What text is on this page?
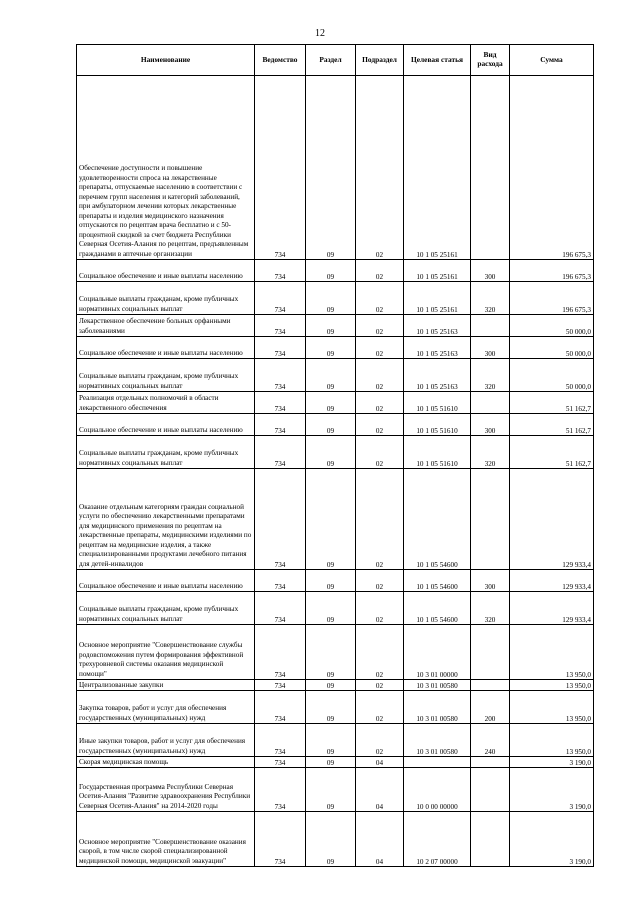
12
Наименование	Ведомство	Раздел	Подраздел	Целевая статья	Вид расхода	Сумма
Обеспечение доступности и повышение удовлетворенности спроса на лекарственные препараты, отпускаемые населению в соответствии с перечнем групп населения и категорий заболеваний, при амбулаторном лечении которых лекарственные препараты и изделия медицинского назначения отпускаются по рецептам врача бесплатно и с 50-процентной скидкой за счет бюджета Республики Северная Осетия-Алания по рецептам, предъявленным гражданами в аптечные организации	734	09	02	10 1 05 25161		196 675,3
Социальное обеспечение и иные выплаты населению	734	09	02	10 1 05 25161	300	196 675,3
Социальные выплаты гражданам, кроме публичных нормативных социальных выплат	734	09	02	10 1 05 25161	320	196 675,3
Лекарственное обеспечение больных орфанными заболеваниями	734	09	02	10 1 05 25163		50 000,0
Социальное обеспечение и иные выплаты населению	734	09	02	10 1 05 25163	300	50 000,0
Социальные выплаты гражданам, кроме публичных нормативных социальных выплат	734	09	02	10 1 05 25163	320	50 000,0
Реализация отдельных полномочий в области лекарственного обеспечения	734	09	02	10 1 05 51610		51 162,7
Социальное обеспечение и иные выплаты населению	734	09	02	10 1 05 51610	300	51 162,7
Социальные выплаты гражданам, кроме публичных нормативных социальных выплат	734	09	02	10 1 05 51610	320	51 162,7
Оказание отдельным категориям граждан социальной услуги по обеспечению лекарственными препаратами для медицинского применения по рецептам на лекарственные препараты, медицинскими изделиями по рецептам на медицинские изделия, а также специализированными продуктами лечебного питания для детей-инвалидов	734	09	02	10 1 05 54600		129 933,4
Социальное обеспечение и иные выплаты населению	734	09	02	10 1 05 54600	300	129 933,4
Социальные выплаты гражданам, кроме публичных нормативных социальных выплат	734	09	02	10 1 05 54600	320	129 933,4
Основное мероприятие "Совершенствование службы родовспоможения путем формирования эффективной трехуровневой системы оказания медицинской помощи"	734	09	02	10 3 01 00000		13 950,0
Централизованные закупки	734	09	02	10 3 01 00580		13 950,0
Закупка товаров, работ и услуг для обеспечения государственных (муниципальных) нужд	734	09	02	10 3 01 00580	200	13 950,0
Иные закупки товаров, работ и услуг для обеспечения государственных (муниципальных) нужд	734	09	02	10 3 01 00580	240	13 950,0
Скорая медицинская помощь	734	09	04			3 190,0
Государственная программа Республики Северная Осетия-Алания "Развитие здравоохранения Республики Северная Осетия-Алания" на 2014-2020 годы	734	09	04	10 0 00 00000		3 190,0
Основное мероприятие "Совершенствование оказания скорой, в том числе скорой специализированной медицинской помощи, медицинской эвакуации"	734	09	04	10 2 07 00000		3 190,0
